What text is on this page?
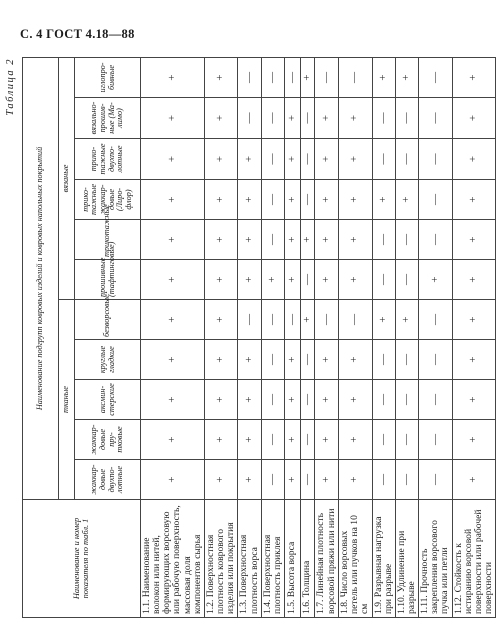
С. 4 ГОСТ 4.18—88
Таблица 2
Наименование и номер показателя по табл. 1	Наименование подгрупп ковровых изделий и ковровых напольных покрытий										
	тканые					вязаные					
	жаккар-довые двухпо-лотные	жаккар-довые пру-тковые	аксмин-стерские	круглые гладкие	безворсовые	прошивные (тафтинговые)	трикотажные	трико-тажные жаккар-довые (Лиро-флор)	трико-тажные двухпо-лотные	вязально-прошив-ные (Ма-лимо)	иглопро-бивные
1.1. Наименование волокон или нитей, формирующих ворсовую или рабочую поверхность, массовая доля компонентов сырья	+	+	+	+	+	+	+	+	+	+	+
1.2. Поверхностная плотность коврового изделия или покрытия	+	+	+	+	+	+	+	+	+	+	+
1.3. Поверхностная плотность ворса	+	+	+	+	—	+	+	+	+	—	—
1.4. Поверхностная плотность приклея	—	—	—	—	—	+	—	—	—	—	—
1.5. Высота ворса	+	+	+	+	—	+	+	+	+	+	—
1.6. Толщина	—	—	—	—	+	—	+	—	—	—	+
1.7. Линейная плотность ворсовой пряжи или нити	+	+	+	+	—	+	+	+	+	+	—
1.8. Число ворсовых петель или пучков на 10 см	+	+	+	+	—	+	+	+	+	+	—
1.9. Разрывная нагрузка при разрыве	—	—	—	—	+	—	—	+	—	—	+
1.10. Удлинение при разрыве	—	—	—	—	+	—	—	+	—	—	+
1.11. Прочность закрепления ворсового пучка или петли	—	—	—	—	—	+	—	—	—	—	—
1.12. Стойкость к истиранию ворсовой поверхности или рабочей поверхности	+	+	+	+	+	+	+	+	+	+	+
